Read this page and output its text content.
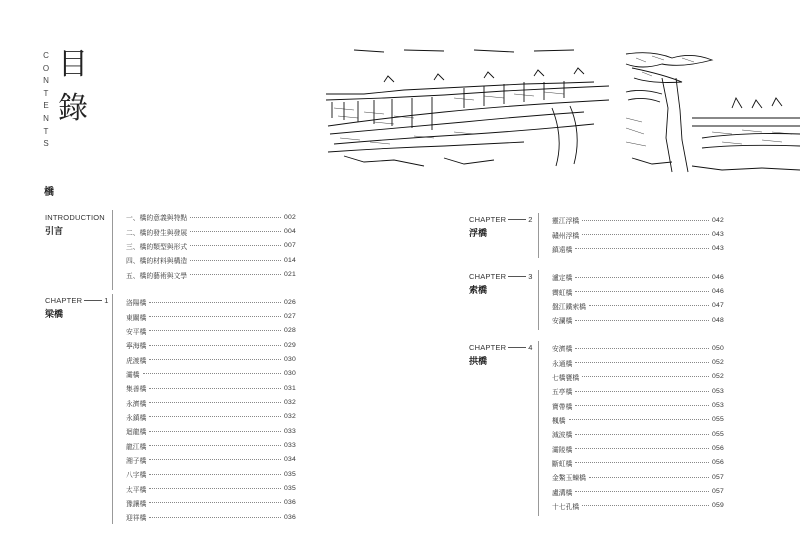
C
O
N
T
E
N
T
S
目
錄
橋
INTRODUCTION
引言
一、橋的意義與特點	002
二、橋的發生與發展	004
三、橋的類型與形式	007
四、橋的材料與構造	014
五、橋的藝術與文學	021
CHAPTER	1
梁橋
洛陽橋	026
東關橋	027
安平橋	028
寧海橋	029
虎渡橋	030
灞橋	030
集善橋	031
永濟橋	032
永鎮橋	032
迴龍橋	033
龍江橋	033
湘子橋	034
八字橋	035
太平橋	035
豫讓橋	036
迎祥橋	036
CHAPTER	2
浮橋
靈江浮橋	042
贛州浮橋	043
鎮遠橋	043
CHAPTER	3
索橋
瀘定橋	046
霽虹橋	046
盤江鐵索橋	047
安瀾橋	048
CHAPTER	4
拱橋
安濟橋	050
永通橋	052
七橋甕橋	052
五亭橋	053
寶帶橋	053
楓橋	055
減波橋	055
灞陵橋	056
斷虹橋	056
金鰲玉蝀橋	057
盧溝橋	057
十七孔橋	059
